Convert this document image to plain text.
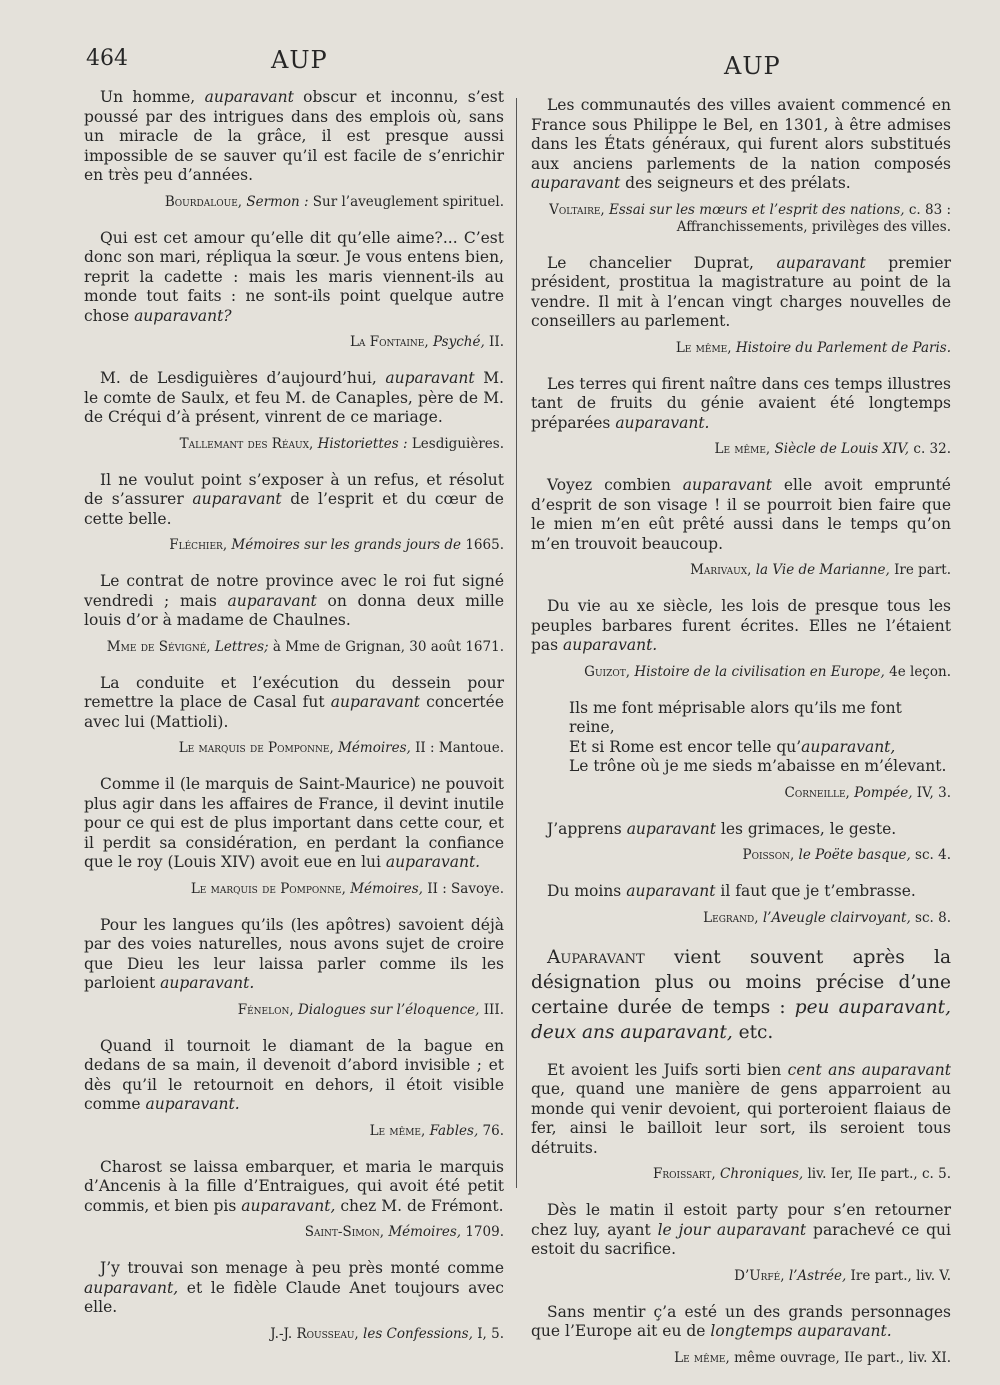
464	AUP	AUP

Un homme, auparavant obscur et inconnu, s’est poussé par des intrigues dans des emplois où, sans un miracle de la grâce, il est presque aussi impossible de se sauver qu’il est facile de s’enrichir en très peu d’années.

Bourdaloue, Sermon : Sur l’aveuglement spirituel.

Qui est cet amour qu’elle dit qu’elle aime?... C’est donc son mari, répliqua la sœur. Je vous entens bien, reprit la cadette : mais les maris viennent-ils au monde tout faits : ne sont-ils point quelque autre chose auparavant?

La Fontaine, Psyché, II.

M. de Lesdiguières d’aujourd’hui, auparavant M. le comte de Saulx, et feu M. de Canaples, père de M. de Créqui d’à présent, vinrent de ce mariage.

Tallemant des Réaux, Historiettes : Lesdiguières.

Il ne voulut point s’exposer à un refus, et résolut de s’assurer auparavant de l’esprit et du cœur de cette belle.

Fléchier, Mémoires sur les grands jours de 1665.

Le contrat de notre province avec le roi fut signé vendredi ; mais auparavant on donna deux mille louis d’or à madame de Chaulnes.

Mme de Sévigné, Lettres; à Mme de Grignan, 30 août 1671.

La conduite et l’exécution du dessein pour remettre la place de Casal fut auparavant concertée avec lui (Mattioli).

Le marquis de Pomponne, Mémoires, II : Mantoue.

Comme il (le marquis de Saint-Maurice) ne pouvoit plus agir dans les affaires de France, il devint inutile pour ce qui est de plus important dans cette cour, et il perdit sa considération, en perdant la confiance que le roy (Louis XIV) avoit eue en lui auparavant.

Le marquis de Pomponne, Mémoires, II : Savoye.

Pour les langues qu’ils (les apôtres) savoient déjà par des voies naturelles, nous avons sujet de croire que Dieu les leur laissa parler comme ils les parloient auparavant.

Fénelon, Dialogues sur l’éloquence, III.

Quand il tournoit le diamant de la bague en dedans de sa main, il devenoit d’abord invisible ; et dès qu’il le retournoit en dehors, il étoit visible comme auparavant.

Le même, Fables, 76.

Charost se laissa embarquer, et maria le marquis d’Ancenis à la fille d’Entraigues, qui avoit été petit commis, et bien pis auparavant, chez M. de Frémont.

Saint-Simon, Mémoires, 1709.

J’y trouvai son menage à peu près monté comme auparavant, et le fidèle Claude Anet toujours avec elle.

J.-J. Rousseau, les Confessions, I, 5.

Les communautés des villes avaient commencé en France sous Philippe le Bel, en 1301, à être admises dans les États généraux, qui furent alors substitués aux anciens parlements de la nation composés auparavant des seigneurs et des prélats.

Voltaire, Essai sur les mœurs et l’esprit des nations, c. 83 : Affranchissements, privilèges des villes.

Le chancelier Duprat, auparavant premier président, prostitua la magistrature au point de la vendre. Il mit à l’encan vingt charges nouvelles de conseillers au parlement.

Le même, Histoire du Parlement de Paris.

Les terres qui firent naître dans ces temps illustres tant de fruits du génie avaient été longtemps préparées auparavant.

Le même, Siècle de Louis XIV, c. 32.

Voyez combien auparavant elle avoit emprunté d’esprit de son visage ! il se pourroit bien faire que le mien m’en eût prêté aussi dans le temps qu’on m’en trouvoit beaucoup.

Marivaux, la Vie de Marianne, Ire part.

Du vie au xe siècle, les lois de presque tous les peuples barbares furent écrites. Elles ne l’étaient pas auparavant.

Guizot, Histoire de la civilisation en Europe, 4e leçon.

Ils me font méprisable alors qu’ils me font reine,

Et si Rome est encor telle qu’auparavant,

Le trône où je me sieds m’abaisse en m’élevant.

Corneille, Pompée, IV, 3.

J’apprens auparavant les grimaces, le geste.

Poisson, le Poëte basque, sc. 4.

Du moins auparavant il faut que je t’embrasse.

Legrand, l’Aveugle clairvoyant, sc. 8.

Auparavant vient souvent après la désignation plus ou moins précise d’une certaine durée de temps : peu auparavant, deux ans auparavant, etc.

Et avoient les Juifs sorti bien cent ans auparavant que, quand une manière de gens apparroient au monde qui venir devoient, qui porteroient flaiaus de fer, ainsi le bailloit leur sort, ils seroient tous détruits.

Froissart, Chroniques, liv. Ier, IIe part., c. 5.

Dès le matin il estoit party pour s’en retourner chez luy, ayant le jour auparavant parachevé ce qui estoit du sacrifice.

D’Urfé, l’Astrée, Ire part., liv. V.

Sans mentir ç’a esté un des grands personnages que l’Europe ait eu de longtemps auparavant.

Le même, même ouvrage, IIe part., liv. XI.
